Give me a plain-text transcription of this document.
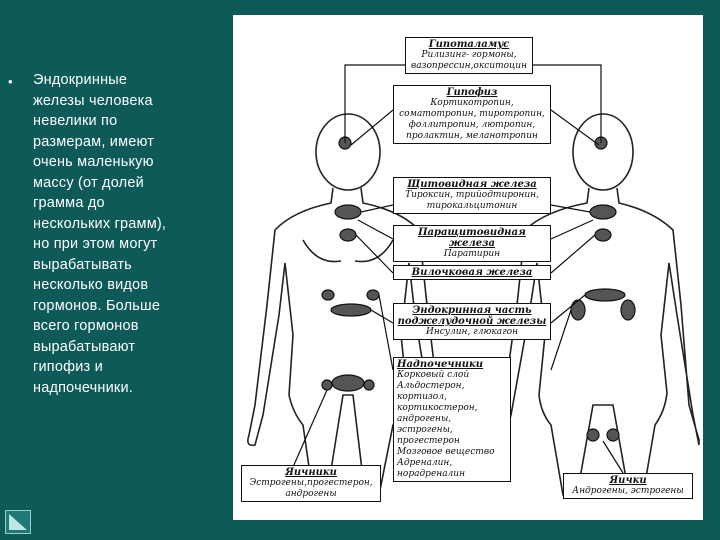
• Эндокринные
железы человека
невелики по
размерам, имеют
очень маленькую
массу (от долей
грамма до
нескольких грамм),
но при этом могут
вырабатывать
несколько видов
гормонов. Больше
всего гормонов
вырабатывают
гипофиз и
надпочечники.
Гипоталамус
Рилизинг- гормоны,
вазопрессин,окситоцин
Гипофиз
Кортикотропин,
соматотропин, тиротропин,
фоллитропин, лютропин,
пролактин, меланотропин
Щитовидная железа
Тироксин, трийодтиронин,
тирокальцитонин
Паращитовидная железа
Паратирин
Вилочковая железа
Эндокринная часть
поджелудочной железы
Инсулин, глюкагон
Надпочечники
Корковый слой
Альдостерон,
кортизол,
кортикостерон,
андрогены,
эстрогены,
прогестерон
Мозговое вещество
Адреналин,
норадреналин
Яичники
Эстрогены,прогестерон,
андрогены
Яички
Андрогены, эстрогены
